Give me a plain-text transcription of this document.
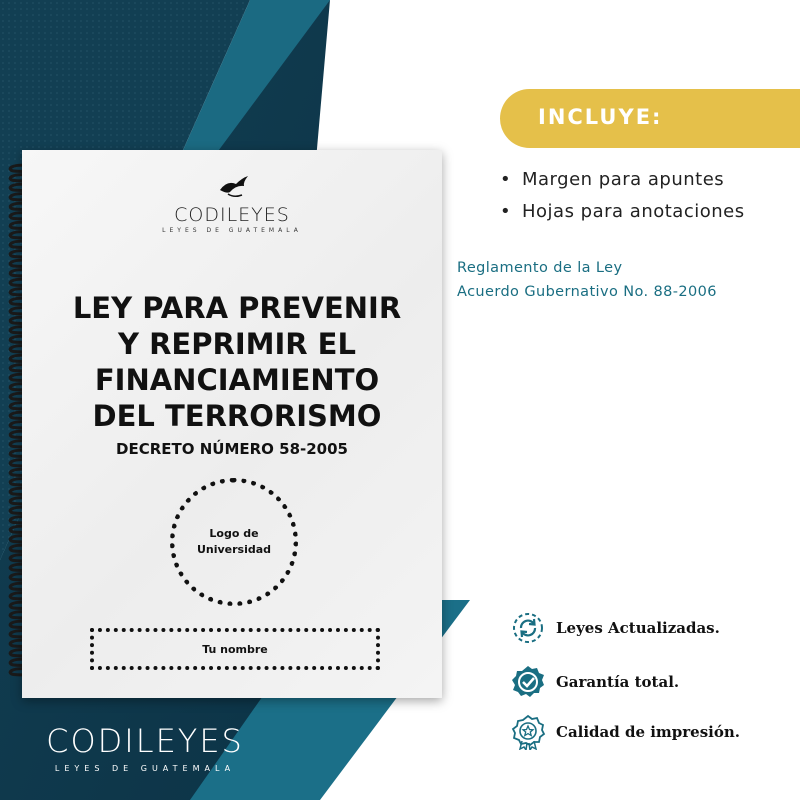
CODILEYES
LEYES DE GUATEMALA
LEY PARA PREVENIR
Y REPRIMIR EL
FINANCIAMIENTO
DEL TERRORISMO
DECRETO NÚMERO 58-2005
Logo de
Universidad
Tu nombre
CODILEYES
LEYES DE GUATEMALA
INCLUYE:
• Margen para apuntes
• Hojas para anotaciones
Reglamento de la Ley
Acuerdo Gubernativo No. 88-2006
Leyes Actualizadas.
Garantía total.
Calidad de impresión.
